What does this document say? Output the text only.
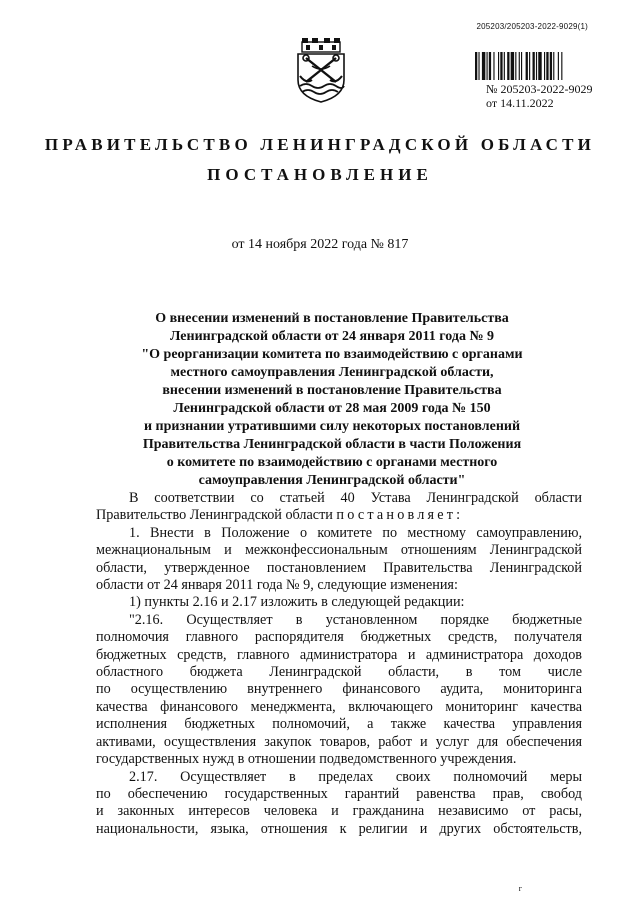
205203/205203-2022-9029(1)
№ 205203-2022-9029
от 14.11.2022
ПРАВИТЕЛЬСТВО ЛЕНИНГРАДСКОЙ ОБЛАСТИ
ПОСТАНОВЛЕНИЕ
от 14 ноября 2022 года № 817
О внесении изменений в постановление Правительства
Ленинградской области от 24 января 2011 года № 9
"О реорганизации комитета по взаимодействию с органами
местного самоуправления Ленинградской области,
внесении изменений в постановление Правительства
Ленинградской области от 28 мая 2009 года № 150
и признании утратившими силу некоторых постановлений
Правительства Ленинградской области в части Положения
о комитете по взаимодействию с органами местного
самоуправления Ленинградской области"
В соответствии со статьей 40 Устава Ленинградской области
Правительство Ленинградской области постановляет:
1. Внести в Положение о комитете по местному самоуправлению,
межнациональным и межконфессиональным отношениям Ленинградской
области, утвержденное постановлением Правительства Ленинградской
области от 24 января 2011 года № 9, следующие изменения:
1) пункты 2.16 и 2.17 изложить в следующей редакции:
"2.16. Осуществляет в установленном порядке бюджетные
полномочия главного распорядителя бюджетных средств, получателя
бюджетных средств, главного администратора и администратора доходов
областного бюджета Ленинградской области, в том числе
по осуществлению внутреннего финансового аудита, мониторинга
качества финансового менеджмента, включающего мониторинг качества
исполнения бюджетных полномочий, а также качества управления
активами, осуществления закупок товаров, работ и услуг для обеспечения
государственных нужд в отношении подведомственного учреждения.
2.17. Осуществляет в пределах своих полномочий меры
по обеспечению государственных гарантий равенства прав, свобод
и законных интересов человека и гражданина независимо от расы,
национальности, языка, отношения к религии и других обстоятельств,
г
